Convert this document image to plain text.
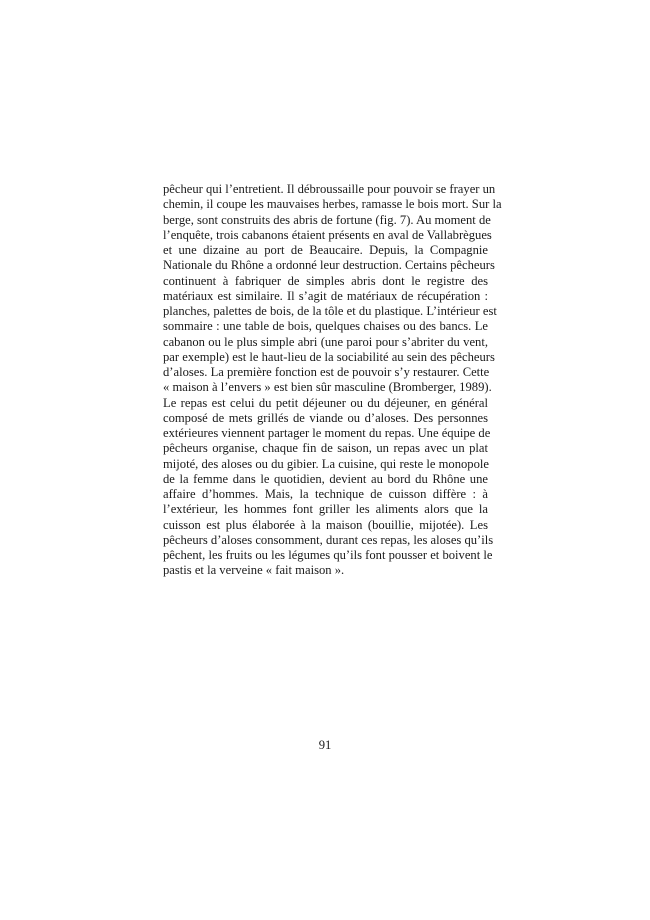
pêcheur qui l’entretient. Il débroussaille pour pouvoir se frayer un
chemin, il coupe les mauvaises herbes, ramasse le bois mort. Sur la
berge, sont construits des abris de fortune (fig. 7). Au moment de
l’enquête, trois cabanons étaient présents en aval de Vallabrègues
et une dizaine au port de Beaucaire. Depuis, la Compagnie
Nationale du Rhône a ordonné leur destruction. Certains pêcheurs
continuent à fabriquer de simples abris dont le registre des
matériaux est similaire. Il s’agit de matériaux de récupération :
planches, palettes de bois, de la tôle et du plastique. L’intérieur est
sommaire : une table de bois, quelques chaises ou des bancs. Le
cabanon ou le plus simple abri (une paroi pour s’abriter du vent,
par exemple) est le haut-lieu de la sociabilité au sein des pêcheurs
d’aloses. La première fonction est de pouvoir s’y restaurer. Cette
« maison à l’envers » est bien sûr masculine (Bromberger, 1989).
Le repas est celui du petit déjeuner ou du déjeuner, en général
composé de mets grillés de viande ou d’aloses. Des personnes
extérieures viennent partager le moment du repas. Une équipe de
pêcheurs organise, chaque fin de saison, un repas avec un plat
mijoté, des aloses ou du gibier. La cuisine, qui reste le monopole
de la femme dans le quotidien, devient au bord du Rhône une
affaire d’hommes. Mais, la technique de cuisson diffère : à
l’extérieur, les hommes font griller les aliments alors que la
cuisson est plus élaborée à la maison (bouillie, mijotée). Les
pêcheurs d’aloses consomment, durant ces repas, les aloses qu’ils
pêchent, les fruits ou les légumes qu’ils font pousser et boivent le
pastis et la verveine « fait maison ».
91
